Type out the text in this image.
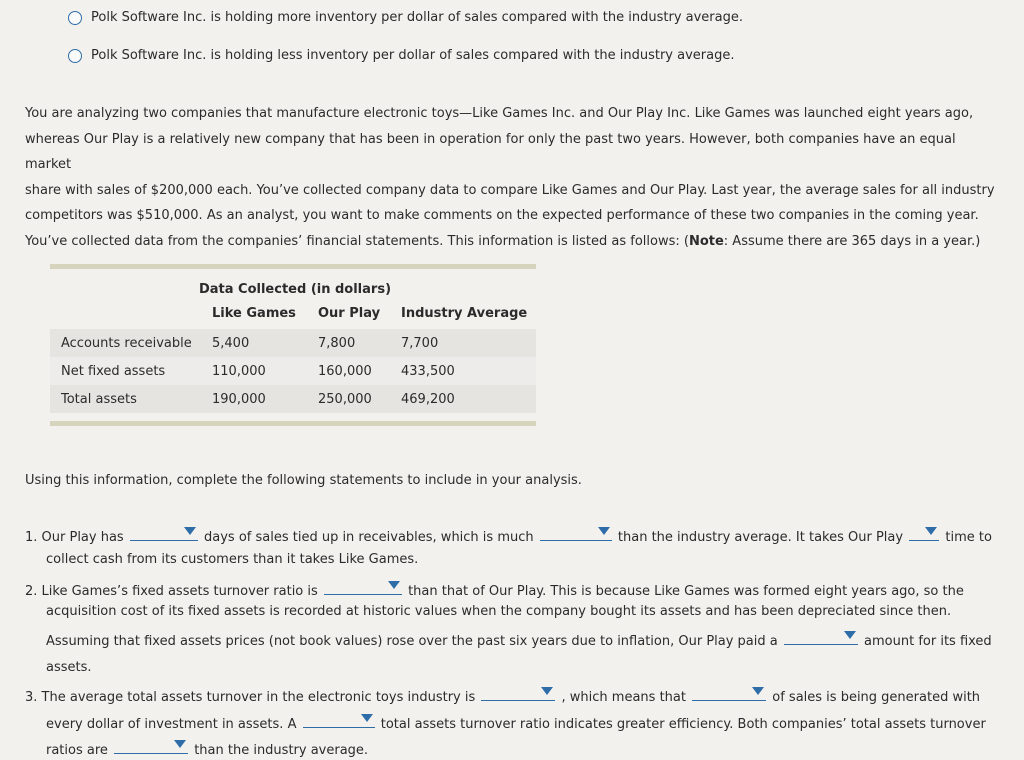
Polk Software Inc. is holding more inventory per dollar of sales compared with the industry average.
Polk Software Inc. is holding less inventory per dollar of sales compared with the industry average.
You are analyzing two companies that manufacture electronic toys—Like Games Inc. and Our Play Inc. Like Games was launched eight years ago,
whereas Our Play is a relatively new company that has been in operation for only the past two years. However, both companies have an equal market
share with sales of $200,000 each. You’ve collected company data to compare Like Games and Our Play. Last year, the average sales for all industry
competitors was $510,000. As an analyst, you want to make comments on the expected performance of these two companies in the coming year.
You’ve collected data from the companies’ financial statements. This information is listed as follows: (Note: Assume there are 365 days in a year.)
Data Collected (in dollars)
Like Games	Our Play	Industry Average
Accounts receivable	5,400	7,800	7,700
Net fixed assets	110,000	160,000	433,500
Total assets	190,000	250,000	469,200
Using this information, complete the following statements to include in your analysis.
1. Our Play has	days of sales tied up in receivables, which is much	than the industry average. It takes Our Play	time to
collect cash from its customers than it takes Like Games.
2. Like Games’s fixed assets turnover ratio is	than that of Our Play. This is because Like Games was formed eight years ago, so the
acquisition cost of its fixed assets is recorded at historic values when the company bought its assets and has been depreciated since then.
Assuming that fixed assets prices (not book values) rose over the past six years due to inflation, Our Play paid a	amount for its fixed
assets.
3. The average total assets turnover in the electronic toys industry is	, which means that	of sales is being generated with
every dollar of investment in assets. A	total assets turnover ratio indicates greater efficiency. Both companies’ total assets turnover
ratios are	than the industry average.
